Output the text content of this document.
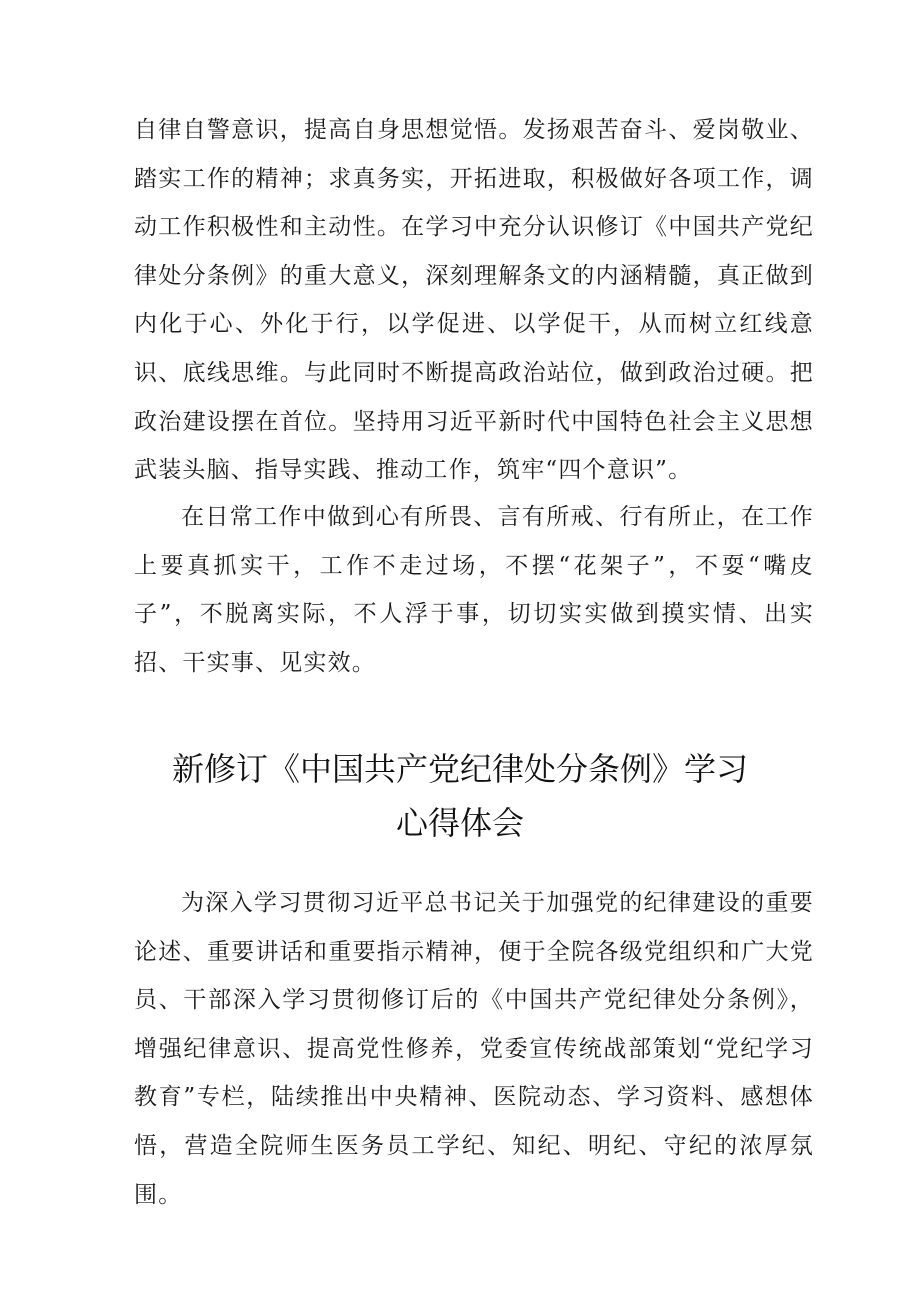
自律自警意识，提高自身思想觉悟。发扬艰苦奋斗、爱岗敬业、踏实工作的精神；求真务实，开拓进取，积极做好各项工作，调动工作积极性和主动性。在学习中充分认识修订《中国共产党纪律处分条例》的重大意义，深刻理解条文的内涵精髓，真正做到内化于心、外化于行，以学促进、以学促干，从而树立红线意识、底线思维。与此同时不断提高政治站位，做到政治过硬。把政治建设摆在首位。坚持用习近平新时代中国特色社会主义思想武装头脑、指导实践、推动工作，筑牢“四个意识”。

在日常工作中做到心有所畏、言有所戒、行有所止，在工作上要真抓实干，工作不走过场，不摆“花架子”，不耍“嘴皮子”，不脱离实际，不人浮于事，切切实实做到摸实情、出实招、干实事、见实效。

新修订《中国共产党纪律处分条例》学习
心得体会

为深入学习贯彻习近平总书记关于加强党的纪律建设的重要论述、重要讲话和重要指示精神，便于全院各级党组织和广大党员、干部深入学习贯彻修订后的《中国共产党纪律处分条例》，增强纪律意识、提高党性修养，党委宣传统战部策划“党纪学习教育”专栏，陆续推出中央精神、医院动态、学习资料、感想体悟，营造全院师生医务员工学纪、知纪、明纪、守纪的浓厚氛围。
